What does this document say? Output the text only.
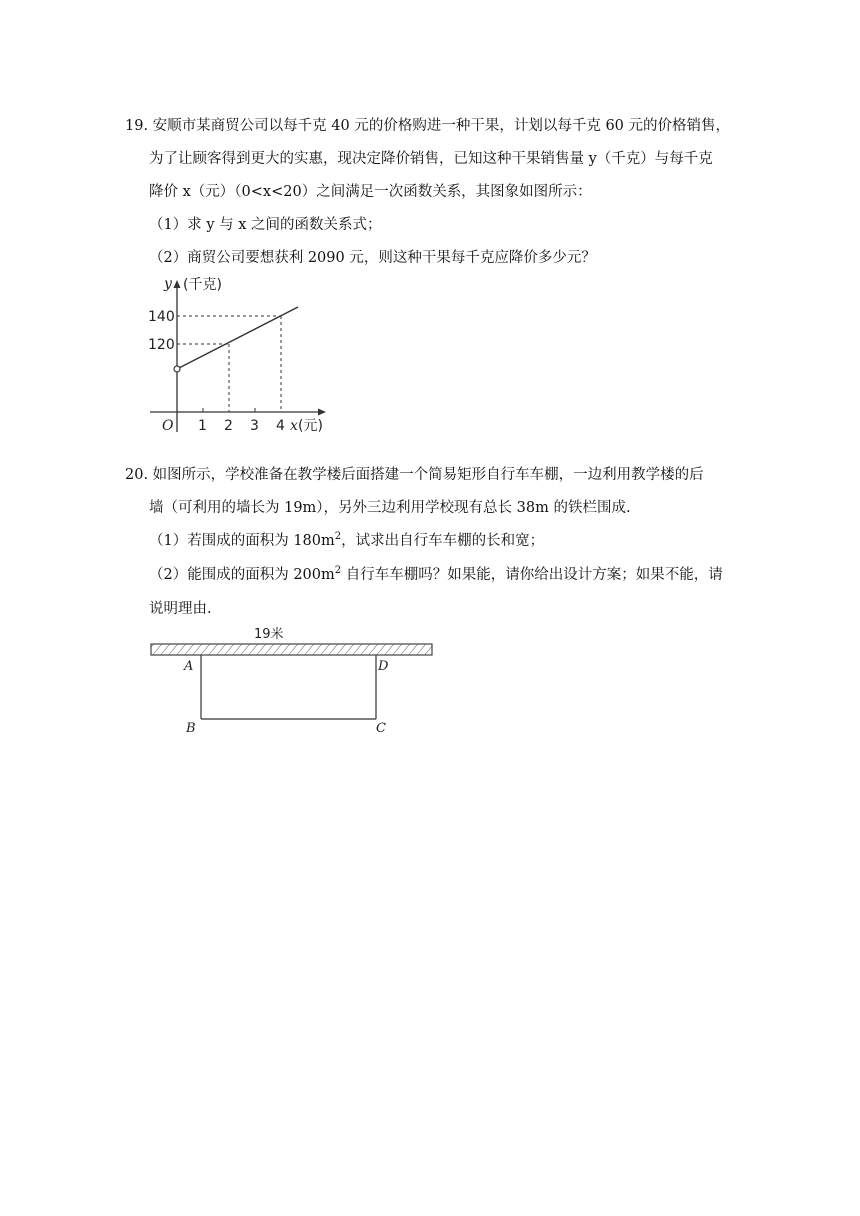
19. 安顺市某商贸公司以每千克 40 元的价格购进一种干果，计划以每千克 60 元的价格销售，
为了让顾客得到更大的实惠，现决定降价销售，已知这种干果销售量 y（千克）与每千克
降价 x（元）（0<x<20）之间满足一次函数关系，其图象如图所示：
（1）求 y 与 x 之间的函数关系式；
（2）商贸公司要想获利 2090 元，则这种干果每千克应降价多少元？
y (千克)
140
120
O 1 2 3 4 x (元)
20. 如图所示，学校准备在教学楼后面搭建一个简易矩形自行车车棚，一边利用教学楼的后
墙（可利用的墙长为 19m），另外三边利用学校现有总长 38m 的铁栏围成.
（1）若围成的面积为 $180m^2$，试求出自行车车棚的长和宽；
（2）能围成的面积为 $200m^2$ 自行车车棚吗？如果能，请你给出设计方案；如果不能，请
说明理由.
19米
A	D
B	C
